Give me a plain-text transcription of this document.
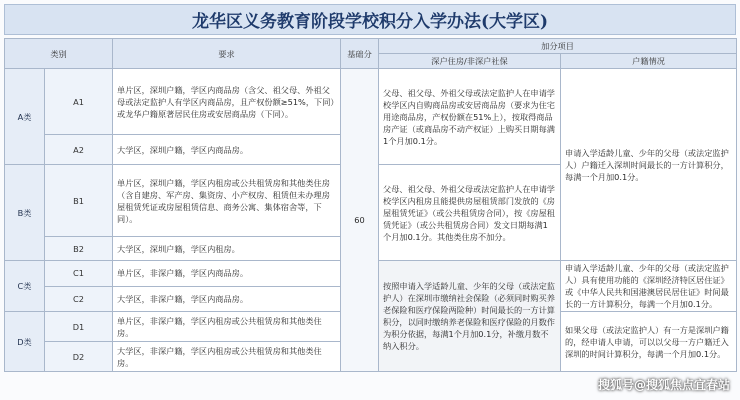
龙华区义务教育阶段学校积分入学办法(大学区)
类别		要求	基础分	加分项目	
				深户住房/非深户社保	户籍情况
A类	A1	单片区，深圳户籍，学区内商品房（含父、祖父母、外祖父母或法定监护人有学区内商品房，且产权份额≥51%，下同）或龙华户籍原著居民住房或安居商品房（下同）。	60	父母、祖父母、外祖父母或法定监护人在申请学校学区内自购商品房或安居商品房（要求为住宅用途商品房，产权份额在51%上），按取得商品房产证（或商品房不动产权证）上购买日期每满1个月加0.1分。	申请入学适龄儿童、少年的父母（或法定监护人）户籍迁入深圳时间最长的一方计算积分，每满一个月加0.1分。
	A2	大学区，深圳户籍，学区内商品房。			
B类	B1	单片区，深圳户籍，学区内租房或公共租赁房和其他类住房（含自建房、军产房、集资房、小产权房、租赁但未办理房屋租赁凭证或房屋租赁信息、商务公寓、集体宿舍等，下同）。		父母、祖父母、外祖父母或法定监护人在申请学校学区内租房且能提供房屋租赁部门发放的《房屋租赁凭证》（或公共租赁房合同），按《房屋租赁凭证》（或公共租赁房合同）发文日期每满1个月加0.1分。其他类住房不加分。	
	B2	大学区，深圳户籍，学区内租房。			
C类	C1	单片区，非深户籍，学区内商品房。		按照申请入学适龄儿童、少年的父母（或法定监护人）在深圳市缴纳社会保险（必须同时购买养老保险和医疗保险两险种）时间最长的一方计算积分，以同时缴纳养老保险和医疗保险的月数作为积分依据，每满1个月加0.1分，补缴月数不纳入积分。	申请入学适龄儿童、少年的父母（或法定监护人）具有使用功能的《深圳经济特区居住证》或《中华人民共和国港澳居民居住证》时间最长的一方计算积分，每满一个月加0.1分。
	C2	大学区，非深户籍，学区内商品房。			
D类	D1	单片区，非深户籍，学区内租房或公共租赁房和其他类住房。			如果父母（或法定监护人）有一方是深圳户籍的，经申请人申请，可以以父母一方户籍迁入深圳的时间计算积分，每满一个月加0.1分。
	D2	大学区，非深户籍，学区内租房或公共租赁房和其他类住房。			
搜狐号@搜狐焦点宜春站
